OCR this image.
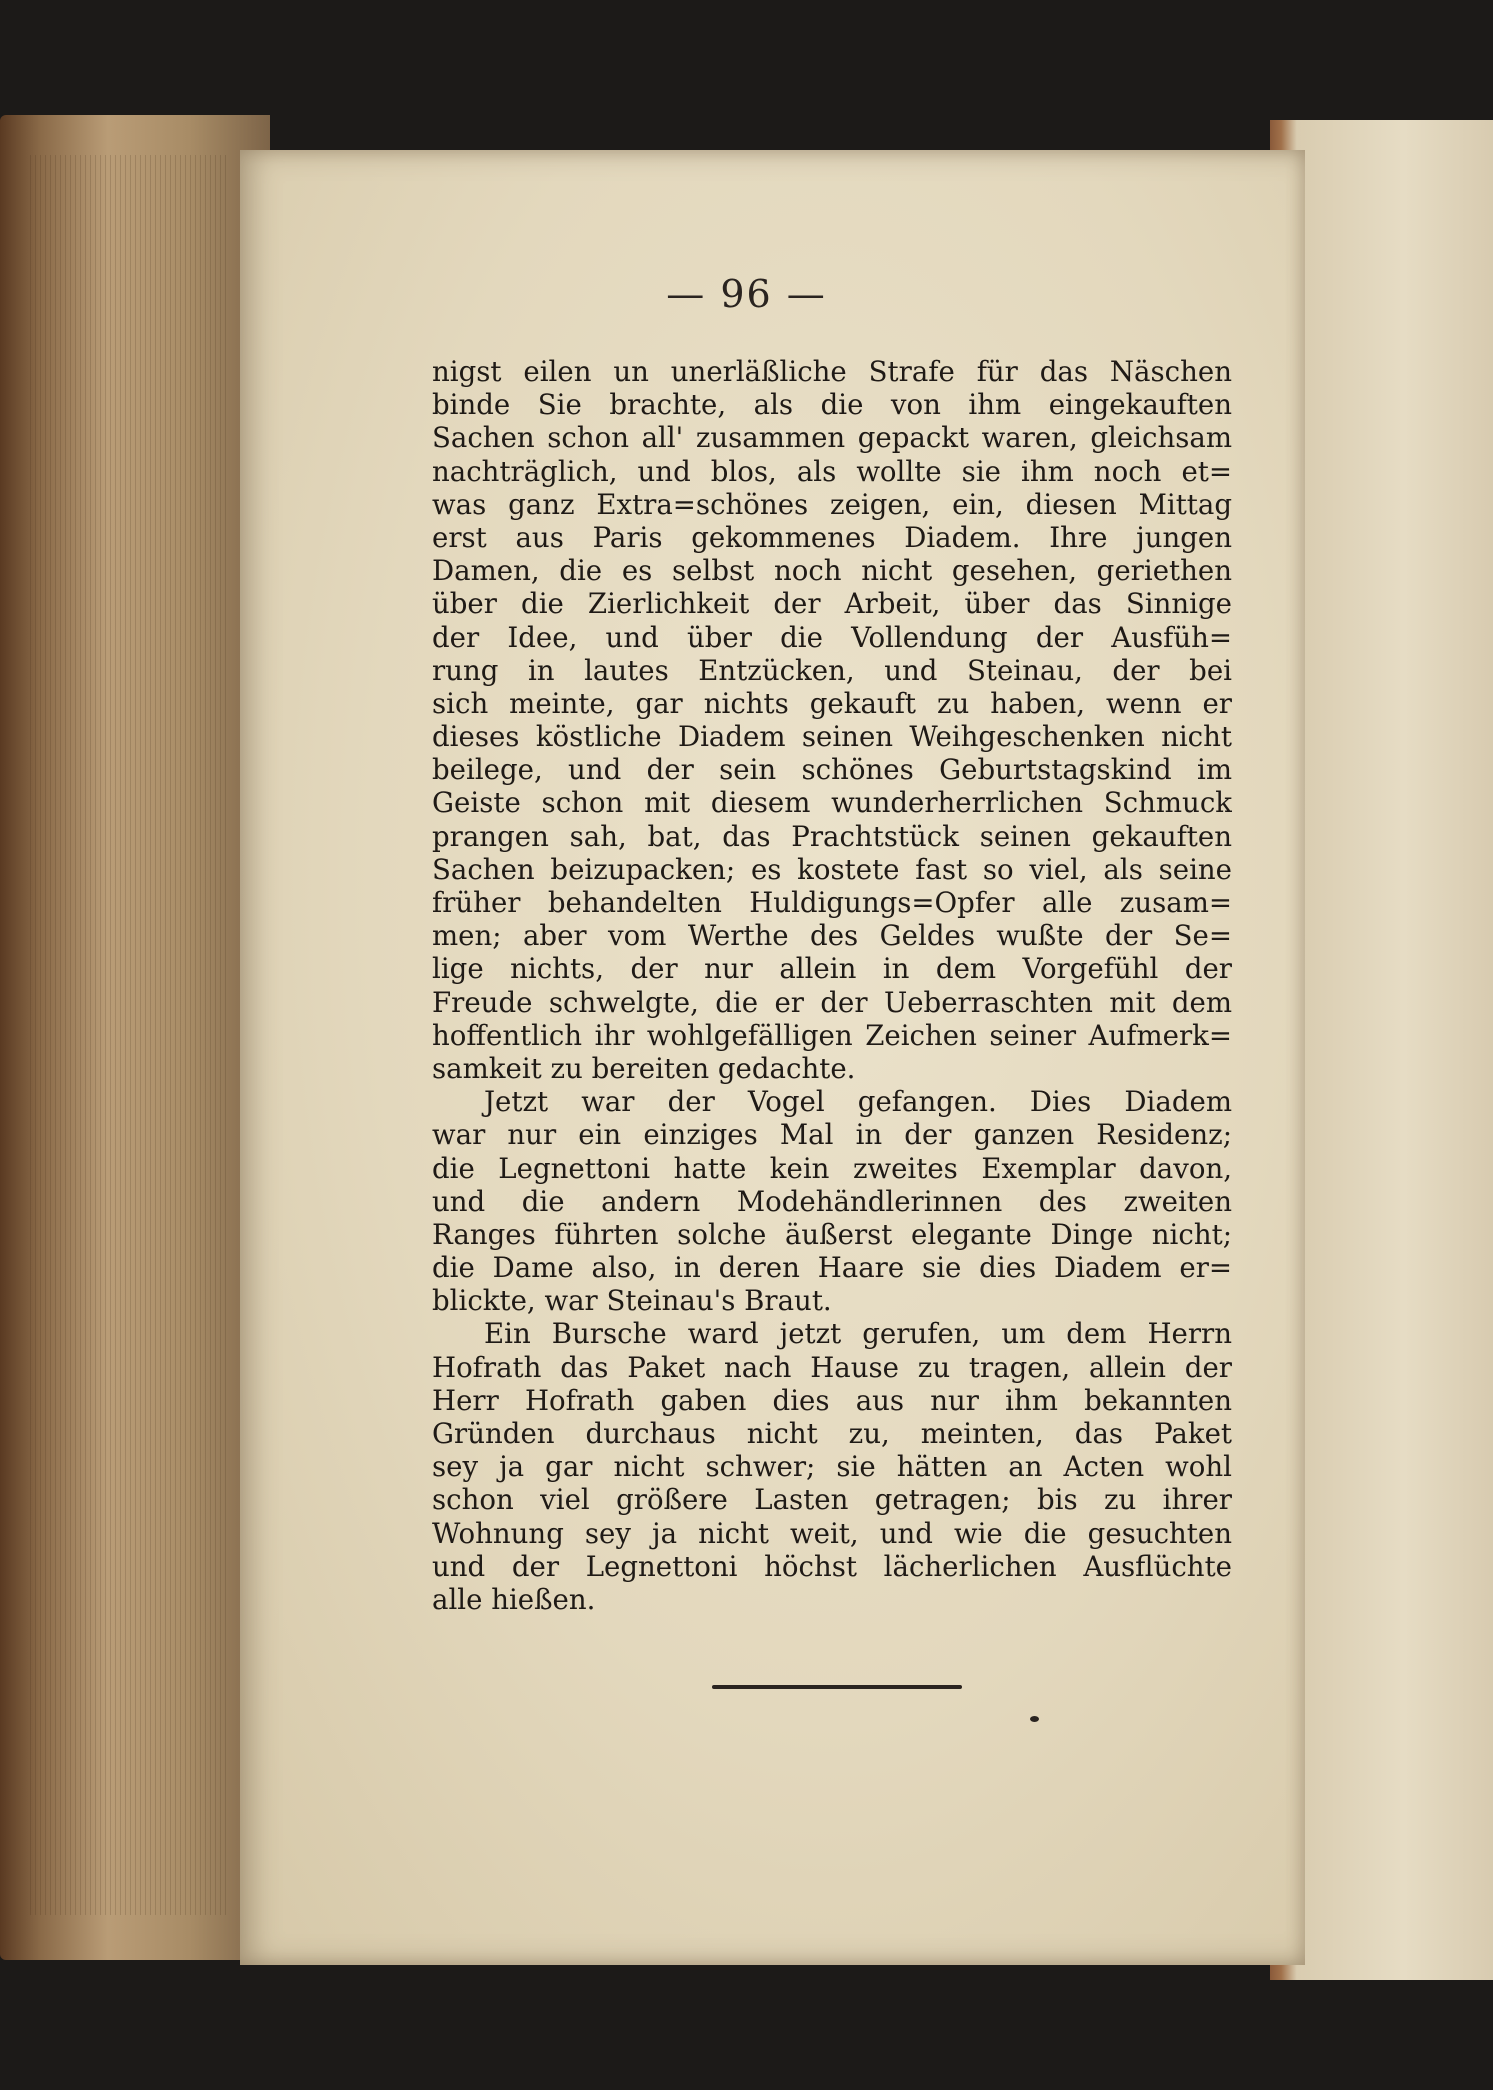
— 96 —
nigst eilen un unerläßliche Strafe für das Näschen
binde Sie brachte, als die von ihm eingekauften
Sachen schon all' zusammen gepackt waren, gleichsam
nachträglich, und blos, als wollte sie ihm noch et=
was ganz Extra=schönes zeigen, ein, diesen Mittag
erst aus Paris gekommenes Diadem. Ihre jungen
Damen, die es selbst noch nicht gesehen, geriethen
über die Zierlichkeit der Arbeit, über das Sinnige
der Idee, und über die Vollendung der Ausfüh=
rung in lautes Entzücken, und Steinau, der bei
sich meinte, gar nichts gekauft zu haben, wenn er
dieses köstliche Diadem seinen Weihgeschenken nicht
beilege, und der sein schönes Geburtstagskind im
Geiste schon mit diesem wunderherrlichen Schmuck
prangen sah, bat, das Prachtstück seinen gekauften
Sachen beizupacken; es kostete fast so viel, als seine
früher behandelten Huldigungs=Opfer alle zusam=
men; aber vom Werthe des Geldes wußte der Se=
lige nichts, der nur allein in dem Vorgefühl der
Freude schwelgte, die er der Ueberraschten mit dem
hoffentlich ihr wohlgefälligen Zeichen seiner Aufmerk=
samkeit zu bereiten gedachte.
Jetzt war der Vogel gefangen. Dies Diadem
war nur ein einziges Mal in der ganzen Residenz;
die Legnettoni hatte kein zweites Exemplar davon,
und die andern Modehändlerinnen des zweiten
Ranges führten solche äußerst elegante Dinge nicht;
die Dame also, in deren Haare sie dies Diadem er=
blickte, war Steinau's Braut.
Ein Bursche ward jetzt gerufen, um dem Herrn
Hofrath das Paket nach Hause zu tragen, allein der
Herr Hofrath gaben dies aus nur ihm bekannten
Gründen durchaus nicht zu, meinten, das Paket
sey ja gar nicht schwer; sie hätten an Acten wohl
schon viel größere Lasten getragen; bis zu ihrer
Wohnung sey ja nicht weit, und wie die gesuchten
und der Legnettoni höchst lächerlichen Ausflüchte
alle hießen.
